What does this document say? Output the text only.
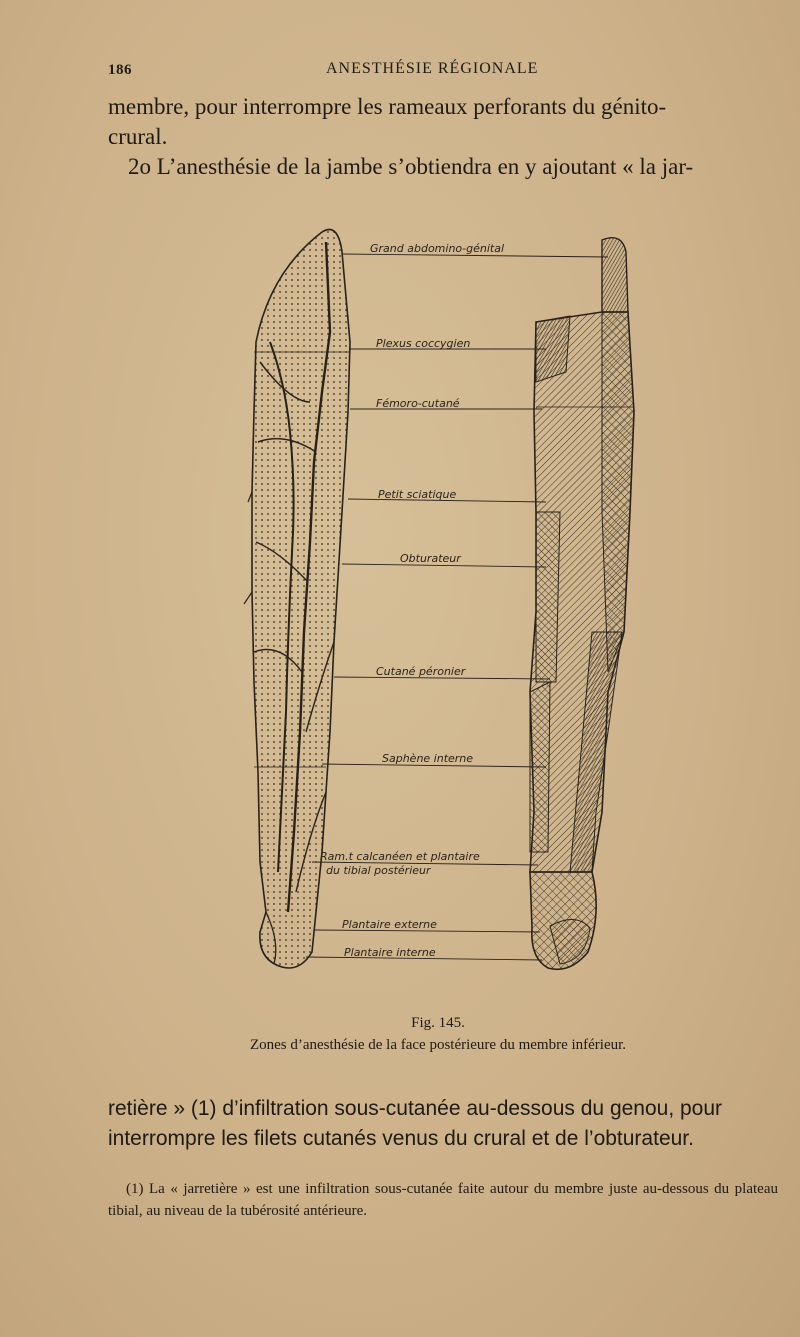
186	ANESTHÉSIE RÉGIONALE

membre, pour interrompre les rameaux perforants du génito-

crural.

2o L’anesthésie de la jambe s’obtiendra en y ajoutant « la jar-

Grand abdomino-génital
Plexus coccygien
Fémoro-cutané
Petit sciatique
Obturateur
Cutané péronier
Saphène interne
Ram.t calcanéen et plantaire
du tibial postérieur
Plantaire externe
Plantaire interne
Fig. 145.
Zones d’anesthésie de la face postérieure du membre inférieur.
retière » (1) d’infiltration sous-cutanée au-dessous du genou, pour
interrompre les filets cutanés venus du crural et de l’obturateur.

(1) La « jarretière » est une infiltration sous-cutanée faite autour du membre juste au-dessous du plateau tibial, au niveau de la tubérosité antérieure.
